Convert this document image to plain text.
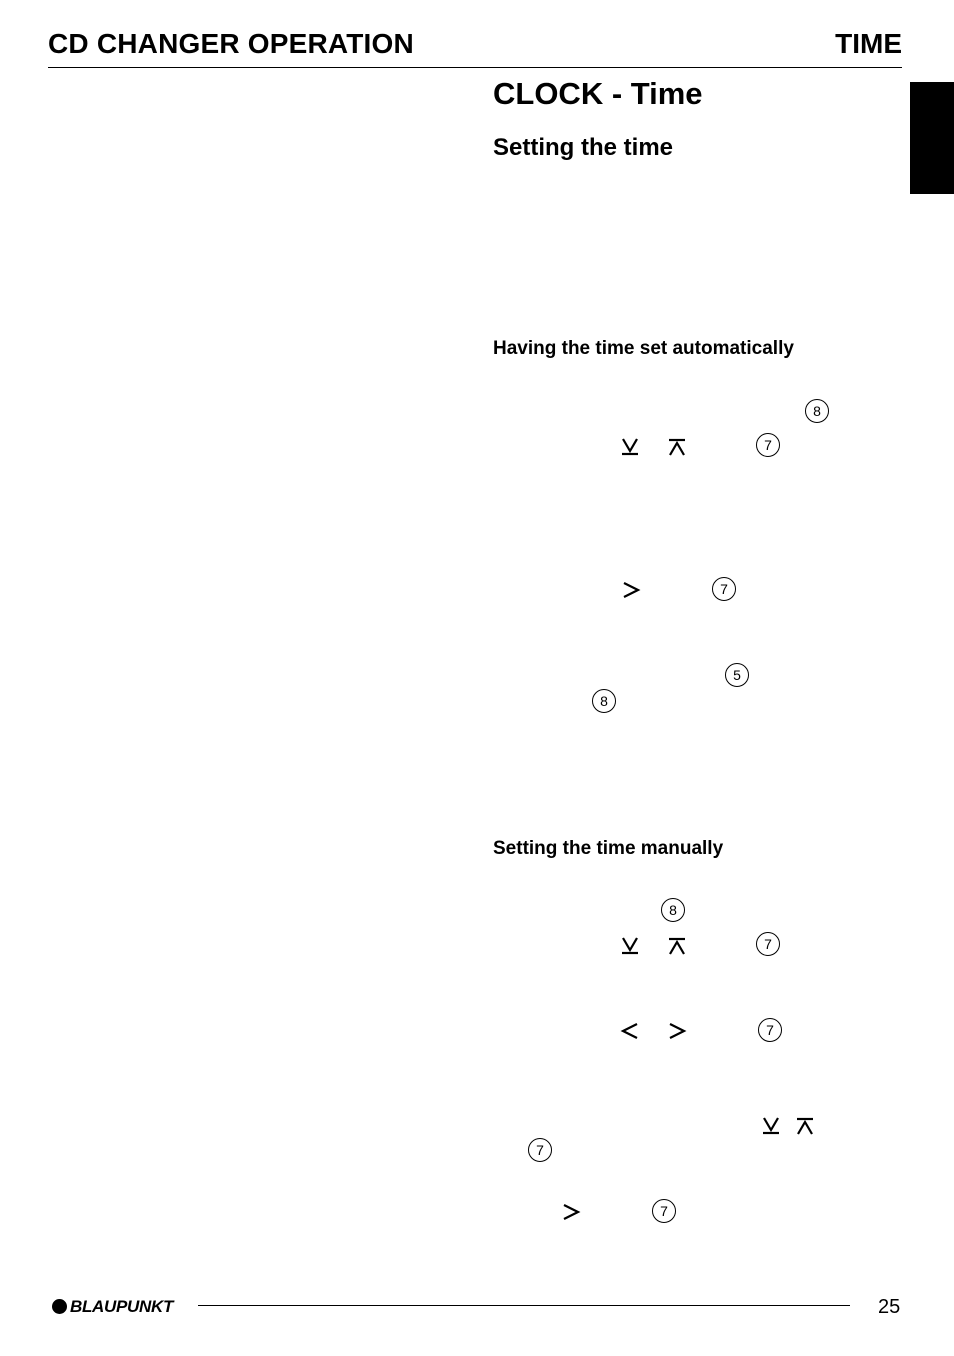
CD CHANGER OPERATION	TIME
CLOCK - Time
Setting the time
Having the time set automatically
8
7
7
5
8
Setting the time manually
8
7
7
7
7
BLAUPUNKT	25
